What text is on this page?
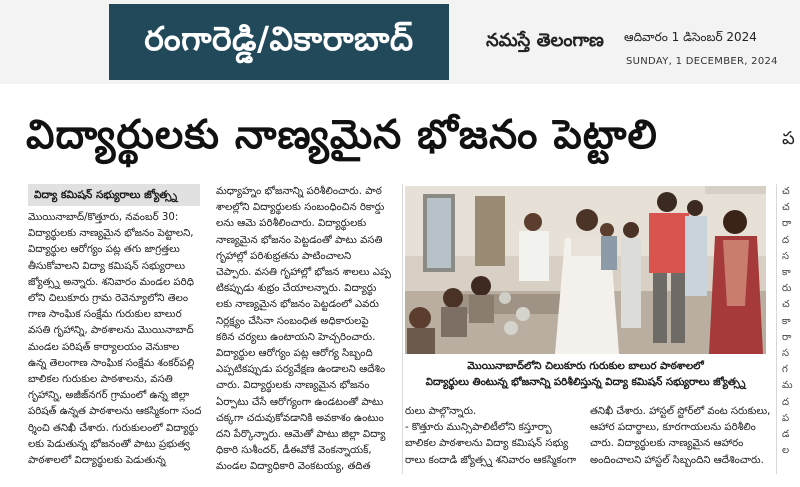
రంగారెడ్డి/వికారాబాద్	నమస్తే తెలంగాణ ఆదివారం 1 డిసెంబర్ 2024
SUNDAY, 1 DECEMBER, 2024
విద్యార్థులకు నాణ్యమైన భోజనం పెట్టాలి	ప
విద్యా కమిషన్ సభ్యురాలు జ్యోత్స్న
మొయినాబాద్/కొత్తూరు, నవంబర్ 30:
విద్యార్థులకు నాణ్యమైన భోజనం పెట్టాలని,
విద్యార్థుల ఆరోగ్యం పట్ల తగు జాగ్రత్తలు
తీసుకోవాలని విద్యా కమిషన్ సభ్యురాలు
జ్యోత్స్న అన్నారు. శనివారం మండల పరిధి
లోని చిలుకూరు గ్రామ రెవెన్యూలోని తెలం
గాణ సాంఘిక సంక్షేమ గురుకుల బాలుర
వసతి గృహాన్ని, పాఠశాలను మొయినాబాద్
మండల పరిషత్ కార్యాలయం వెనుకాల
ఉన్న తెలంగాణ సాంఘిక సంక్షేమ శంకర్‌పల్లి
బాలికల గురుకుల పాఠశాలను, వసతి
గృహాన్ని, అజీజ్‌నగర్ గ్రామంలో ఉన్న జిల్లా
పరిషత్ ఉన్నత పాఠశాలను ఆకస్మికంగా సంద
ర్శించి తనిఖీ చేశారు. గురుకులంలో విద్యార్థు
లకు పెడుతున్న భోజనంతో పాటు ప్రభుత్వ
పాఠశాలలో విద్యార్థులకు పెడుతున్న
మధ్యాహ్నం భోజనాన్ని పరిశీలించారు. పాఠ
శాలల్లోని విద్యార్థులకు సంబంధించిన రికార్డు
లను ఆమె పరిశీలించారు. విద్యార్థులకు
నాణ్యమైన భోజనం పెట్టడంతో పాటు వసతి
గృహాల్లో పరిశుభ్రతను పాటించాలని
చెప్పారు. వసతి గృహాల్లో భోజన శాలలు ఎప్ప
టికప్పుడు శుభ్రం చేయాలన్నారు. విద్యార్థు
లకు నాణ్యమైన భోజనం పెట్టడంలో ఎవరు
నిర్లక్ష్యం చేసినా సంబంధిత అధికారులపై
కఠిన చర్యలు ఉంటాయని హెచ్చరించారు.
విద్యార్థుల ఆరోగ్యం పట్ల ఆరోగ్య సిబ్బంది
ఎప్పటికప్పుడు పర్యవేక్షణ ఉండాలని ఆదేశిం
చారు. విద్యార్థులకు నాణ్యమైన భోజనం
ఏర్పాటు చేసే ఆరోగ్యంగా ఉండటంతో పాటు
చక్కగా చదువుకోవడానికి అవకాశం ఉంటుం
దని పేర్కొన్నారు. ఆమెతో పాటు జిల్లా విద్యా
ధికారి సుశీందర్, డీఈవోకే వెంకన్నాయక్,
మండల విద్యాధికారి వెంకటయ్య, తదిత
రులు పాల్గొన్నారు.
- కొత్తూరు మున్సిపాలిటీలోని కస్తూర్బా
బాలికల పాఠశాలను విద్యా కమిషన్ సభ్యు
రాలు కందాడి జ్యోత్స్న శనివారం ఆకస్మికంగా
తనిఖీ చేశారు. హాస్టల్ స్టోర్‌లో వంట సరుకులు,
ఆహార పదార్థాలు, కూరగాయలను పరిశీలిం
చారు. విద్యార్థులకు నాణ్యమైన ఆహారం
అందించాలని హాస్టల్ సిబ్బందిని ఆదేశించారు.
చ
చ
రా
ద
స
కా
రు
చ
కా
రా
స
గ
మ
ద
ప
డ
ల
మొయినాబాద్‌లోని చిలుకూరు గురుకుల బాలుర పాఠశాలలో
విద్యార్థులు తింటున్న భోజనాన్ని పరిశీలిస్తున్న విద్యా కమిషన్ సభ్యురాలు జ్యోత్స్న
